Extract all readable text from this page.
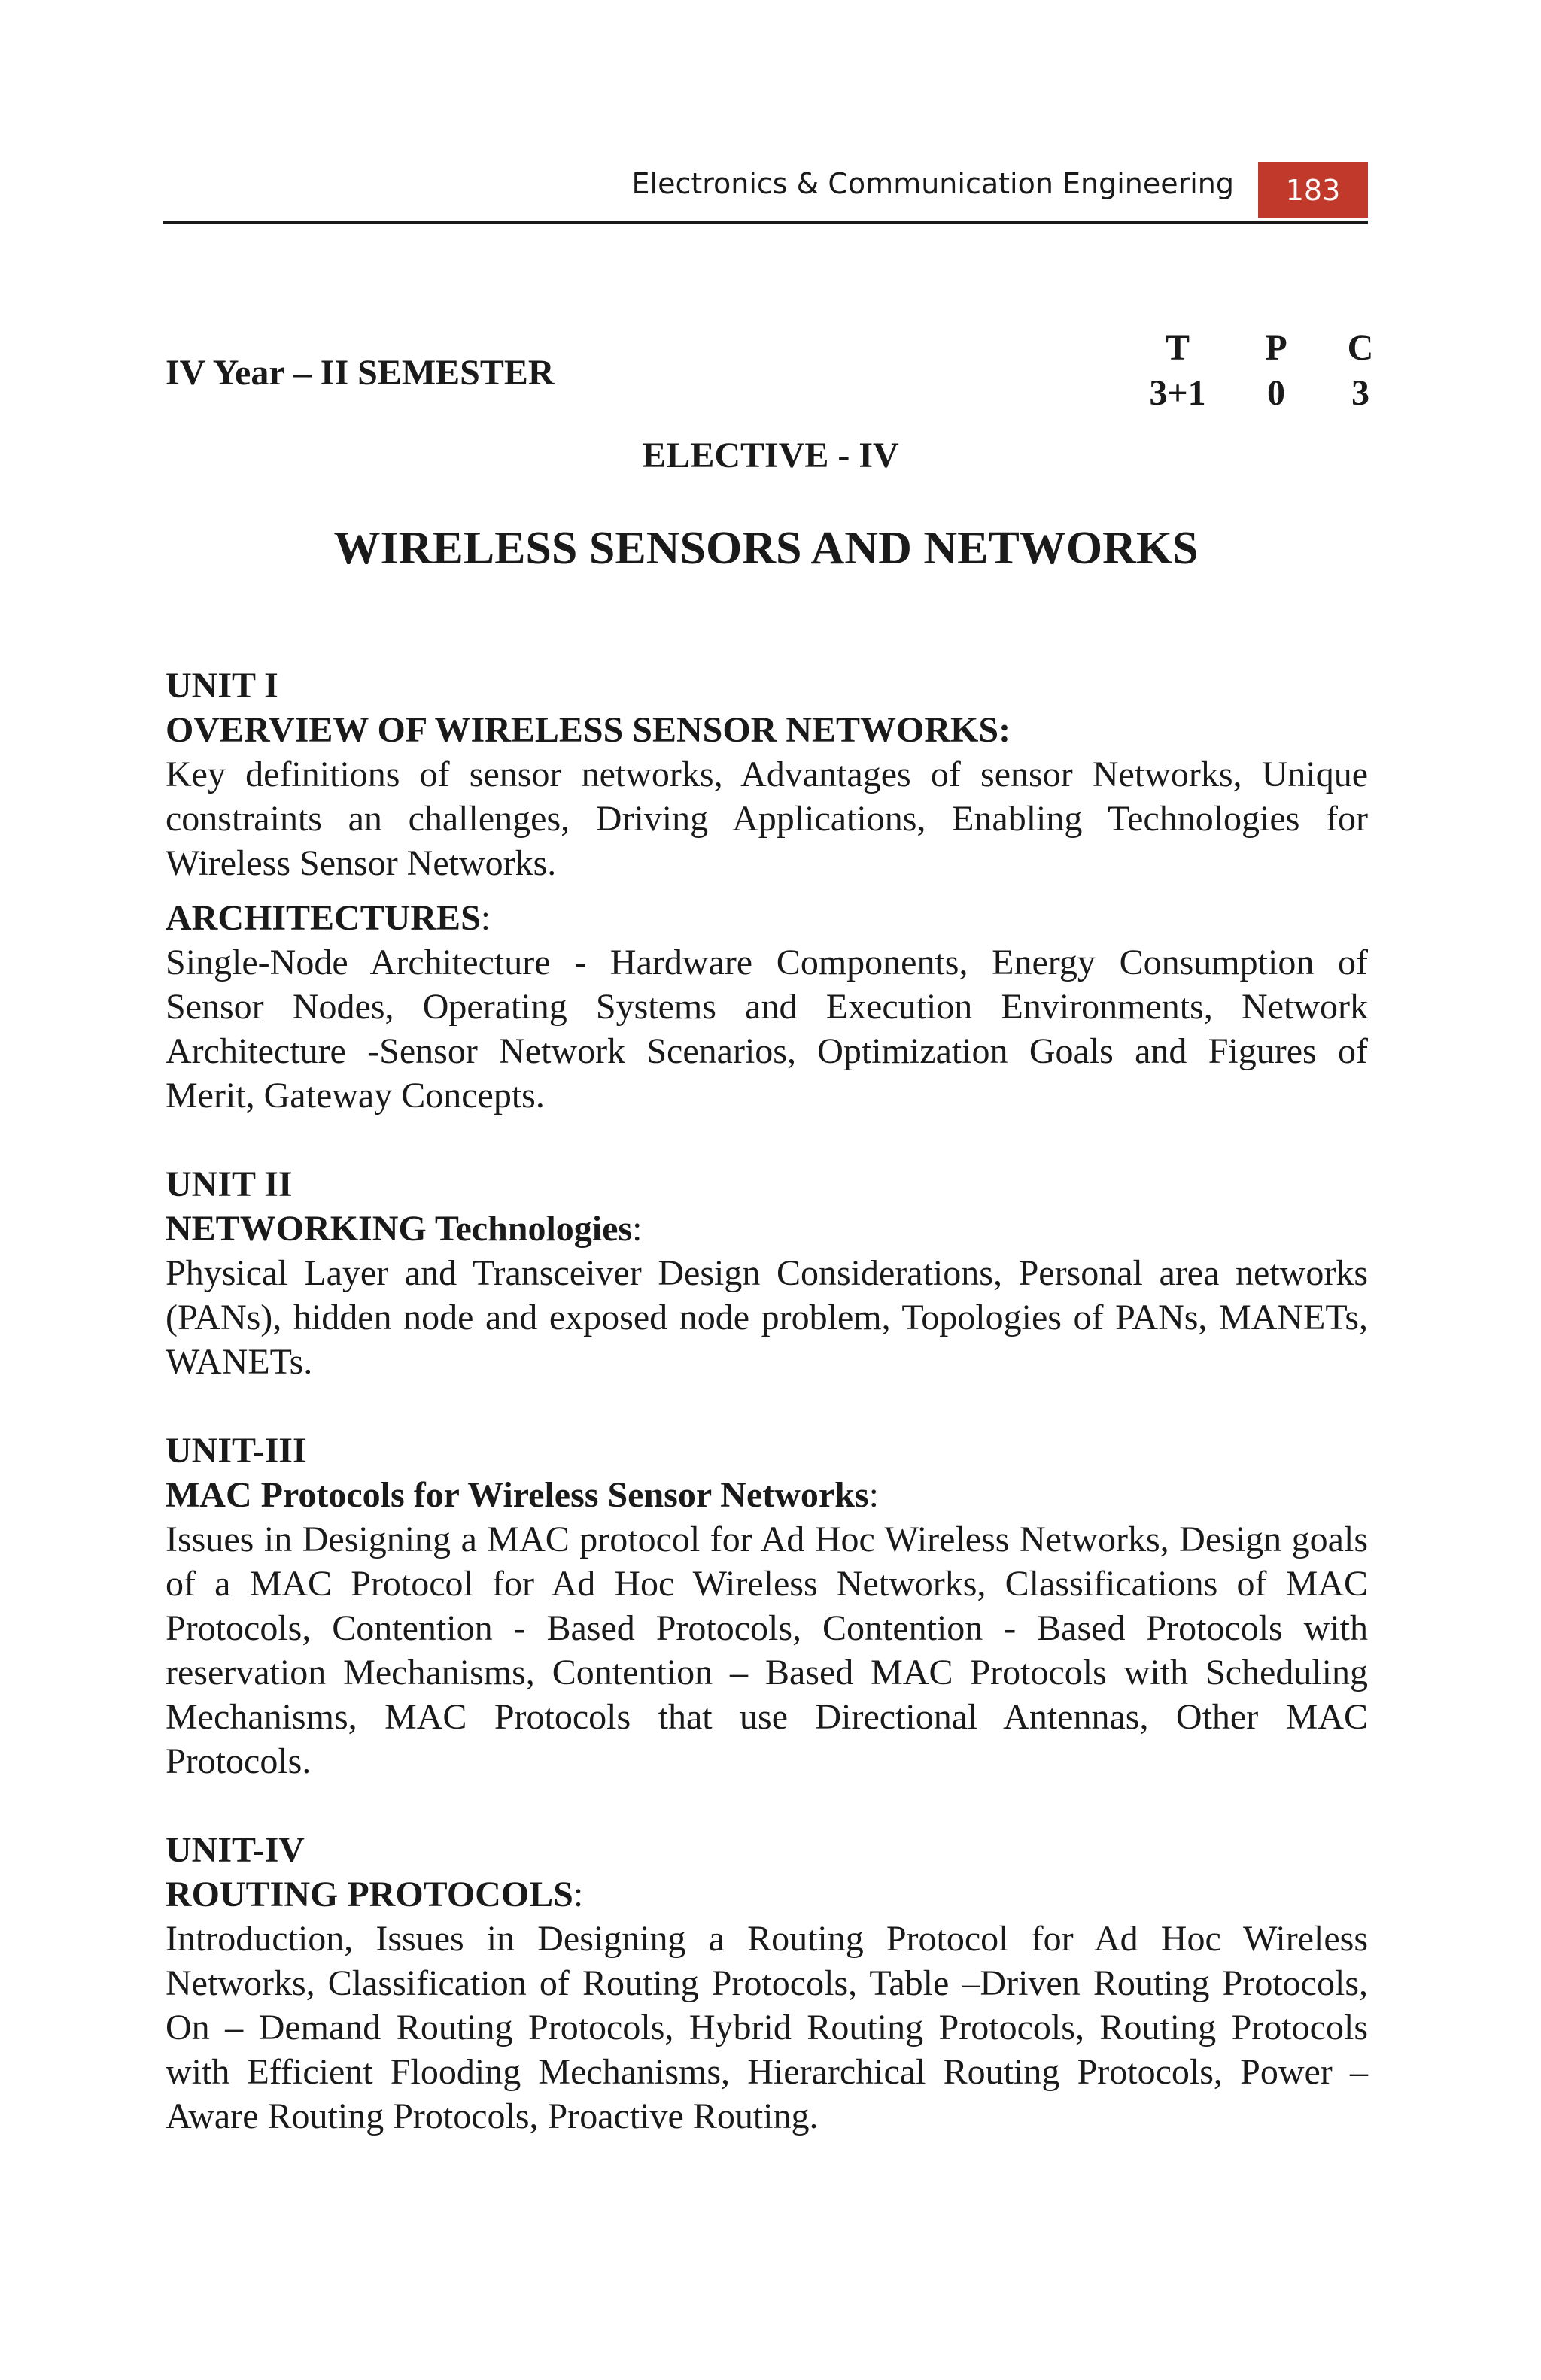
Electronics & Communication Engineering	183
IV Year – II SEMESTER
T	P	C
3+1	0	3
ELECTIVE - IV
WIRELESS SENSORS AND NETWORKS
UNIT I
OVERVIEW OF WIRELESS SENSOR NETWORKS:

Key definitions of sensor networks, Advantages of sensor Networks, Unique constraints an challenges, Driving Applications, Enabling Technologies for Wireless Sensor Networks.

ARCHITECTURES:

Single-Node Architecture - Hardware Components, Energy Consumption of Sensor Nodes, Operating Systems and Execution Environments, Network Architecture -Sensor Network Scenarios, Optimization Goals and Figures of Merit, Gateway Concepts.

UNIT II
NETWORKING Technologies:

Physical Layer and Transceiver Design Considerations, Personal area networks (PANs), hidden node and exposed node problem, Topologies of PANs, MANETs, WANETs.

UNIT-III
MAC Protocols for Wireless Sensor Networks:

Issues in Designing a MAC protocol for Ad Hoc Wireless Networks, Design goals of a MAC Protocol for Ad Hoc Wireless Networks, Classifications of MAC Protocols, Contention - Based Protocols, Contention - Based Protocols with reservation Mechanisms, Contention – Based MAC Protocols with Scheduling Mechanisms, MAC Protocols that use Directional Antennas, Other MAC Protocols.

UNIT-IV
ROUTING PROTOCOLS:

Introduction, Issues in Designing a Routing Protocol for Ad Hoc Wireless Networks, Classification of Routing Protocols, Table –Driven Routing Protocols, On – Demand Routing Protocols, Hybrid Routing Protocols, Routing Protocols with Efficient Flooding Mechanisms, Hierarchical Routing Protocols, Power – Aware Routing Protocols, Proactive Routing.
